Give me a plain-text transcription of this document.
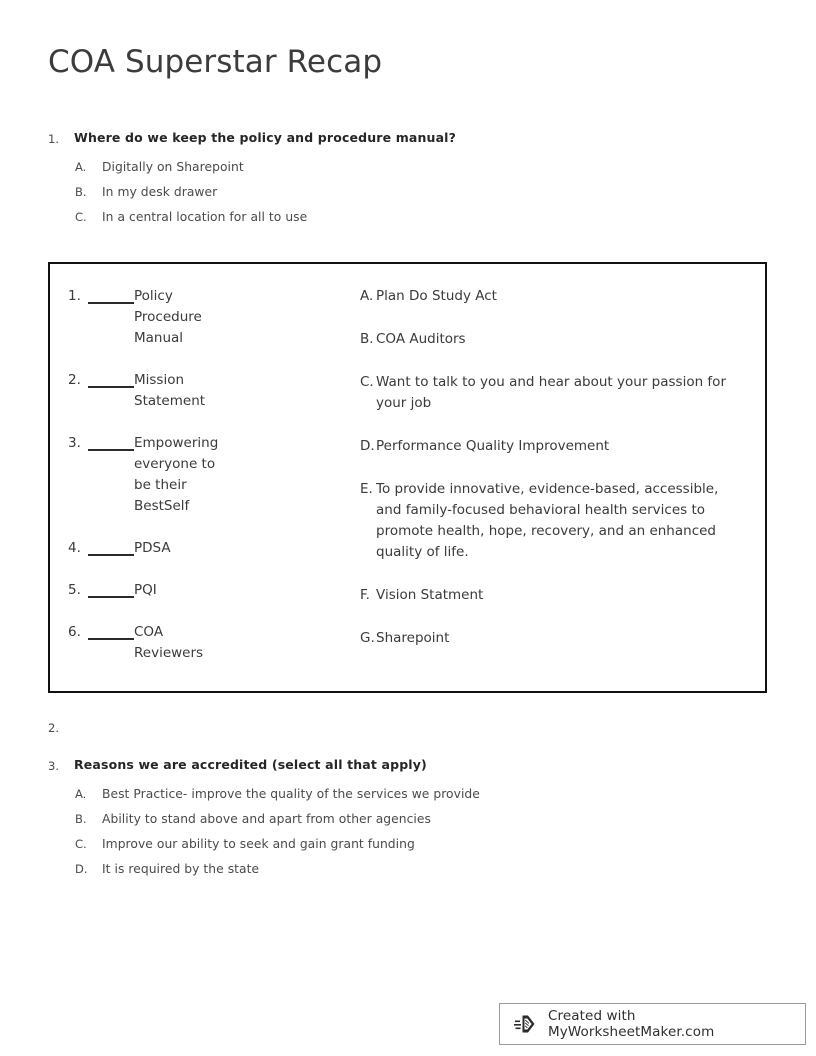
COA Superstar Recap
1.	Where do we keep the policy and procedure manual?
A.	Digitally on Sharepoint
B.	In my desk drawer
C.	In a central location for all to use
1.	Policy Procedure Manual
2.	Mission Statement
3.	Empowering everyone to be their BestSelf
4.	PDSA
5.	PQI
6.	COA Reviewers
A. Plan Do Study Act
B. COA Auditors
C. Want to talk to you and hear about your passion for your job
D. Performance Quality Improvement
E. To provide innovative, evidence-based, accessible, and family-focused behavioral health services to promote health, hope, recovery, and an enhanced quality of life.
F. Vision Statment
G. Sharepoint
2.
3.	Reasons we are accredited (select all that apply)
A.	Best Practice- improve the quality of the services we provide
B.	Ability to stand above and apart from other agencies
C.	Improve our ability to seek and gain grant funding
D.	It is required by the state
Created with MyWorksheetMaker.com
